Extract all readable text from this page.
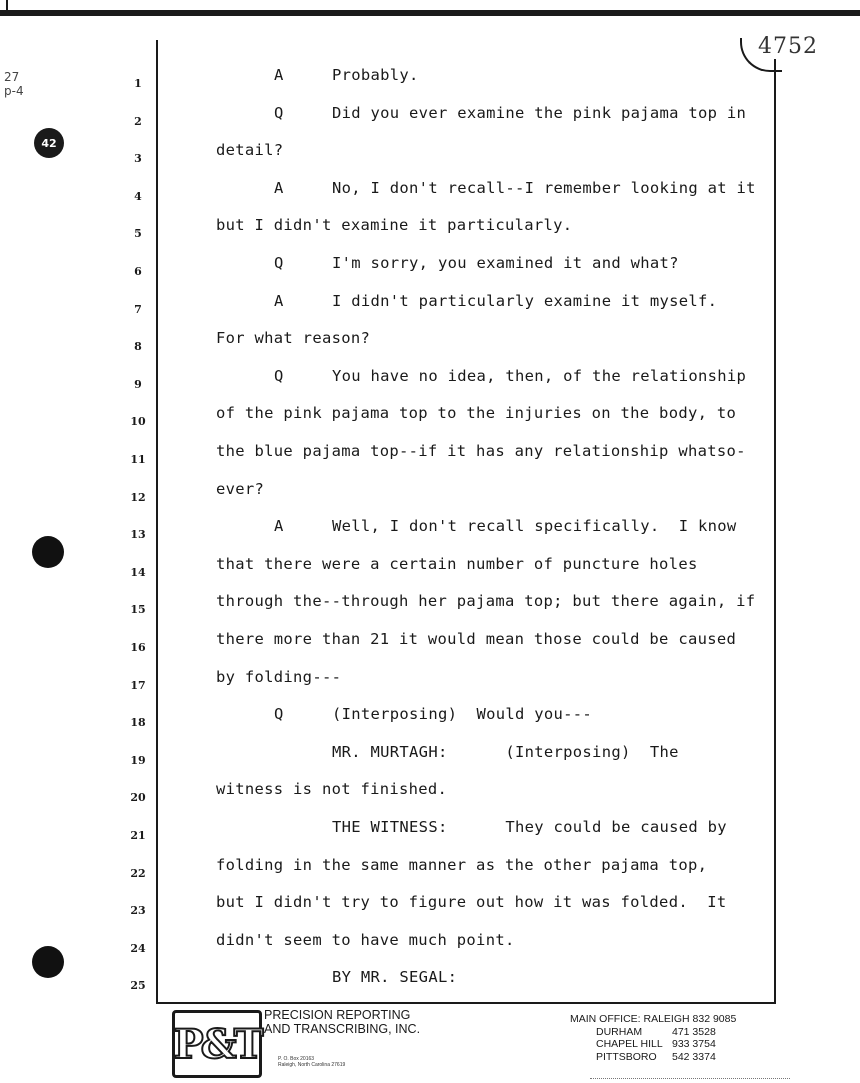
27
p-4
42
4752
1	A	Probably.
2	Q	Did you ever examine the pink pajama top in
3	detail?
4	A	No, I don't recall--I remember looking at it
5	but I didn't examine it particularly.
6	Q	I'm sorry, you examined it and what?
7	A	I didn't particularly examine it myself.
8	For what reason?
9	Q	You have no idea, then, of the relationship
10	of the pink pajama top to the injuries on the body, to
11	the blue pajama top--if it has any relationship whatso-
12	ever?
13	A	Well, I don't recall specifically.  I know
14	that there were a certain number of puncture holes
15	through the--through her pajama top; but there again, if
16	there more than 21 it would mean those could be caused
17	by folding---
18	Q	(Interposing)  Would you---
19	MR. MURTAGH:      (Interposing)  The
20	witness is not finished.
21	THE WITNESS:      They could be caused by
22	folding in the same manner as the other pajama top,
23	but I didn't try to figure out how it was folded.  It
24	didn't seem to have much point.
25	BY MR. SEGAL:
P&T
PRECISION REPORTING
AND TRANSCRIBING, INC.
P. O. Box 20163
Raleigh, North Carolina 27619
MAIN OFFICE: RALEIGH 832 9085
DURHAM	471 3528
CHAPEL HILL 933 3754
PITTSBORO	542 3374
